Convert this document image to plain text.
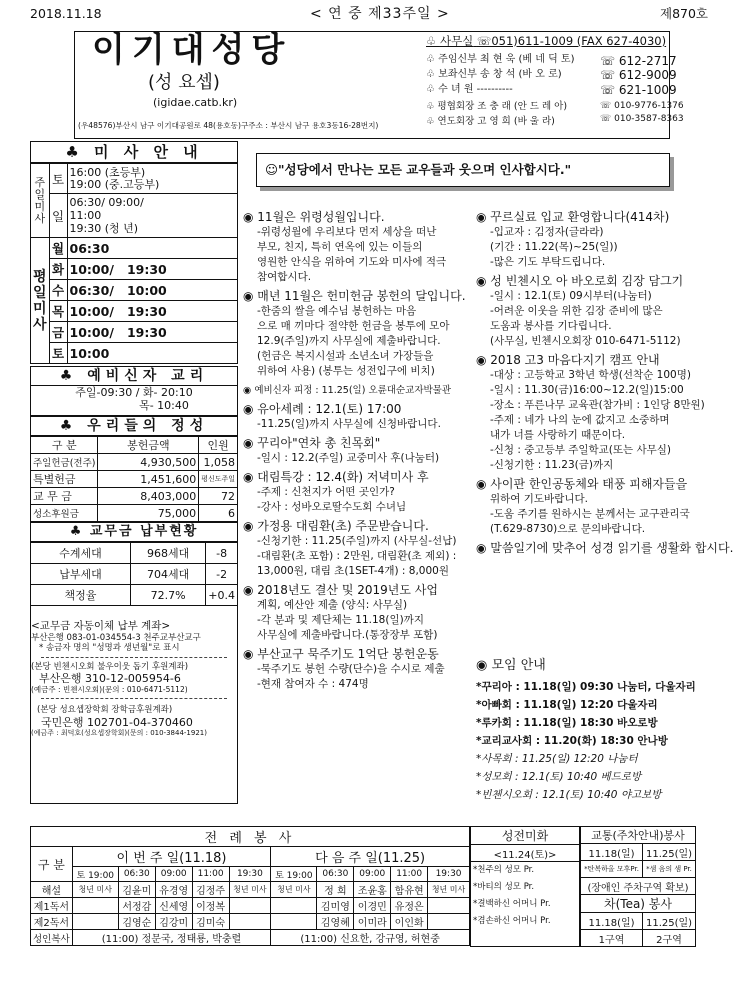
2018.11.18	< 연 중 제33주일 >	제870호
이기대성당
(성 요셉)
(igidae.catb.kr)
(우48576)부산시 남구 이기대공원로 48(용호동)구주소 : 부산시 남구 용호3동16-28번지)
♧ 사무실 ☏051)611-1009 (FAX 627-4030)
♧ 주임신부 최 현 욱 (베 네 딕 토)
♧ 보좌신부 송 창 석 (바 오 로)
♧ 수 녀 원 ----------
♧ 평협회장 조 충 래 (안 드 레 아)
♧ 연도회장 고 영 희 (바 울 라)
☏ 612-2717
☏ 612-9009
☏ 621-1009
☏ 010-9776-1376
☏ 010-3587-8363
♣ 미 사 안 내
주일미사	토	16:00 (초등부)
19:00 (중.고등부)
	일	06:30/ 09:00/
11:00
19:30 (청 년)
평일미사	월	06:30
	화	10:00/   19:30
	수	06:30/   10:00
	목	10:00/   19:30
	금	10:00/   19:30
	토	10:00
♣ 예비신자 교리
주일-09:30 / 화- 20:10
목- 10:40
♣ 우리들의 정성
구 분	봉헌금액	인원
주일헌금(전주)	4,930,500	1,058
특별헌금	1,451,600	평신도주일
교 무 금	8,403,000	72
성소후원금	75,000	6
♣ 교무금 납부현황
수계세대	968세대	-8
납부세대	704세대	-2
책정율	72.7%	+0.4
<교무금 자동이체 납부 계좌>
부산은행 083-01-034554-3 천주교부산교구
* 송금자 명의 "성명과 생년월"로 표시
(본당 빈첸시오회 불우이웃 돕기 후원계좌)
부산은행 310-12-005954-6
(예금주 : 빈첸시오회)(문의 : 010-6471-5112)
(본당 성요셉장학회 장학금후원계좌)
국민은행 102701-04-370460
(예금주 : 최덕호(성요셉장학회)(문의 : 010-3844-1921)
☺"성당에서 만나는 모든 교우들과 웃으며 인사합시다."

◉ 11월은 위령성월입니다.

-위령성월에 우리보다 먼저 세상을 떠난

부모, 친지, 특히 연옥에 있는 이들의

영원한 안식을 위하여 기도와 미사에 적극

참여합시다.

◉ 매년 11월은 헌미헌금 봉헌의 달입니다.

-한줌의 쌀을 예수님 봉헌하는 마음

으로 매 끼마다 절약한 헌금을 봉투에 모아

12.9(주일)까지 사무실에 제출바랍니다.

(헌금은 복지시설과 소년소녀 가장들을

위하여 사용) (봉투는 성전입구에 비치)

◉ 예비신자 피정 : 11.25(일) 오륜대순교자박물관

◉ 유아세례 : 12.1(토) 17:00

-11.25(일)까지 사무실에 신청바랍니다.

◉ 꾸리아"연차 총 친목회"

-일시 : 12.2(주일) 교중미사 후(나눔터)

◉ 대림특강 : 12.4(화) 저녁미사 후

-주제 : 신천지가 어떤 곳인가?

-강사 : 성바오로딸수도회 수녀님

◉ 가정용 대림환(초) 주문받습니다.

-신청기한 : 11.25(주일)까지 (사무실-선납)

-대림환(초 포함) : 2만원, 대림환(초 제외) :

13,000원, 대림 초(1SET-4개) : 8,000원

◉ 2018년도 결산 및 2019년도 사업

계획, 예산안 제출 (양식: 사무실)

-각 분과 및 제단체는 11.18(일)까지

사무실에 제출바랍니다.(통장장부 포함)

◉ 부산교구 묵주기도 1억단 봉헌운동

-묵주기도 봉헌 수량(단수)을 수시로 제출

-현재 참여자 수 : 474명

◉ 꾸르실료 입교 환영합니다(414차)

-입교자 : 김정자(글라라)

(기간 : 11.22(목)~25(일))

-많은 기도 부탁드립니다.

◉ 성 빈첸시오 아 바오로회 김장 담그기

-일시 : 12.1(토) 09시부터(나눔터)

-어려운 이웃을 위한 김장 준비에 많은

도움과 봉사를 기다립니다.

(사무실, 빈첸시오회장 010-6471-5112)

◉ 2018 고3 마음다지기 캠프 안내

-대상 : 고등학교 3학년 학생(선착순 100명)

-일시 : 11.30(금)16:00~12.2(일)15:00

-장소 : 푸른나무 교육관(참가비 : 1인당 8만원)

-주제 : 네가 나의 눈에 값지고 소중하며

내가 너를 사랑하기 때문이다.

-신청 : 중고등부 주일학교(또는 사무실)

-신청기한 : 11.23(금)까지

◉ 사이판 한인공동체와 태풍 피해자들을

위하여 기도바랍니다.

-도움 주기를 원하시는 분께서는 교구관리국

(T.629-8730)으로 문의바랍니다.

◉ 말씀일기에 맞추어 성경 읽기를 생활화 합시다.

◉ 모임 안내
*꾸리아 : 11.18(일) 09:30 나눔터, 다울자리
*아빠회 : 11.18(일) 12:20 다울자리
*루카회 : 11.18(일) 18:30 바오로방
*교리교사회 : 11.20(화) 18:30 안나방
*사목회 : 11.25(일) 12:20 나눔터
*성모회 : 12.1(토) 10:40 베드로방
*빈첸시오회 : 12.1(토) 10:40 야고보방
전 례 봉 사										
구 분	이 번 주 일(11.18)					다 음 주 일(11.25)				
	토 19:00	06:30	09:00	11:00	19:30	토 19:00	06:30	09:00	11:00	19:30
해설	청년 미사	김윤미	유경영	김정주	청년 미사	청년 미사	정 희	조윤홍	함유현	청년 미사
제1독서		서정감	신세영	이정복			김미영	이경민	유정은	
제2독서		김영순	김강미	김미숙			김영혜	이미라	이인화	
성인복사	(11:00) 정문국, 정태룡, 박충렬					(11:00) 신요한, 강규영, 허현중				
성전미화
<11.24(토)>

*천주의 성모 Pr.
*바티의 성모 Pr.
*결백하신 어머니 Pr.
*겸손하신 어머니 Pr.
교통(주차안내)봉사	
11.18(일)	11.25(일)
*탄복하올 모후Pr.	*샘 음의 샘 Pr.
(장애인 주차구역 확보)	
차(Tea) 봉사	
11.18(일)	11.25(일)
1구역	2구역
